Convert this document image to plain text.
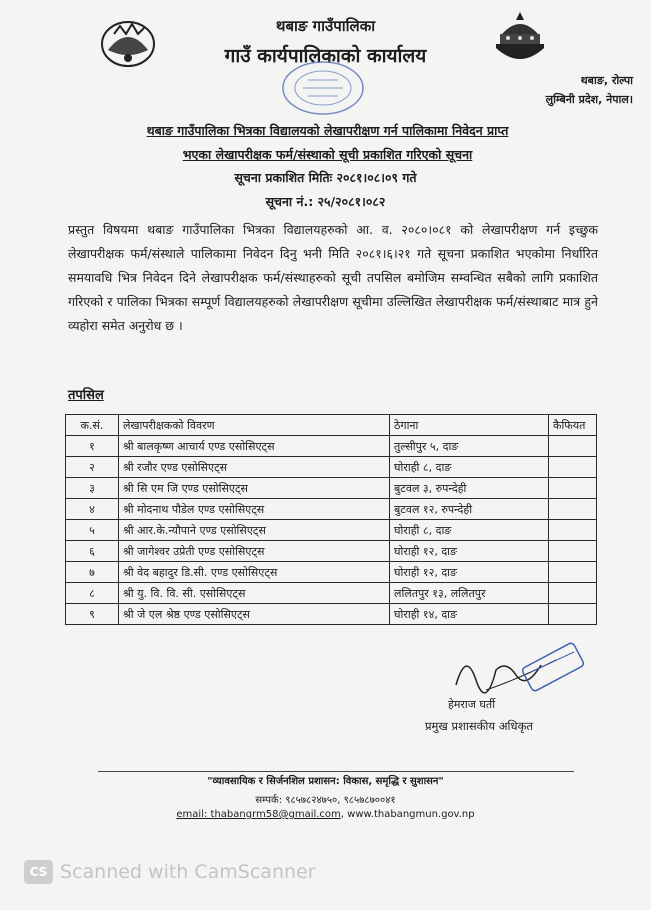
थबाङ गाउँपालिका
गाउँ कार्यपालिकाको कार्यालय
थबाङ, रोल्पा
लुम्बिनी प्रदेश, नेपाल।
थबाङ गाउँपालिका भित्रका विद्यालयको लेखापरीक्षण गर्न पालिकामा निवेदन प्राप्त
भएका लेखापरीक्षक फर्म/संस्थाको सूची प्रकाशित गरिएको सूचना
सूचना प्रकाशित मितिः २०८१।०८।०९ गते
सूचना नं.: २५/२०८१।०८२
प्रस्तुत विषयमा थबाङ गाउँपालिका भित्रका विद्यालयहरुको आ. व. २०८०।०८१ को लेखापरीक्षण गर्न इच्छुक लेखापरीक्षक फर्म/संस्थाले पालिकामा निवेदन दिनु भनी मिति २०८१।६।२१ गते सूचना प्रकाशित भएकोमा निर्धारित समयावधि भित्र निवेदन दिने लेखापरीक्षक फर्म/संस्थाहरुको सूची तपसिल बमोजिम सम्वन्धित सबैको लागि प्रकाशित गरिएको र पालिका भित्रका सम्पूर्ण विद्यालयहरुको लेखापरीक्षण सूचीमा उल्लिखित लेखापरीक्षक फर्म/संस्थाबाट मात्र हुने व्यहोरा समेत अनुरोध छ ।
तपसिल
क.सं.	लेखापरीक्षकको विवरण	ठेगाना	कैफियत
१	श्री बालकृष्ण आचार्य एण्ड एसोसिएट्स	तुल्सीपुर ५, दाङ	
२	श्री रजौर एण्ड एसोसिएट्स	घोराही ८, दाङ	
३	श्री सि एम जि एण्ड एसोसिएट्स	बुटवल ३, रुपन्देही	
४	श्री मोदनाथ पौडेल एण्ड एसोसिएट्स	बुटवल १२, रुपन्देही	
५	श्री आर.के.न्यौपाने एण्ड एसोसिएट्स	घोराही ८, दाङ	
६	श्री जागेश्वर उप्रेती एण्ड एसोसिएट्स	घोराही १२, दाङ	
७	श्री वेद बहादुर डि.सी. एण्ड एसोसिएट्स	घोराही १२, दाङ	
८	श्री यु. वि. वि. सी. एसोसिएट्स	ललितपुर १३, ललितपुर	
९	श्री जे एल श्रेष्ठ एण्ड एसोसिएट्स	घोराही १४, दाङ	
हेमराज घर्ती
प्रमुख प्रशासकीय अधिकृत
"व्यावसायिक र सिर्जनशिल प्रशासन: विकास, समृद्धि र सुशासन"
सम्पर्क: ९८५७८२४७५०, ९८५७८७००४१
email: thabangrm58@gmail.com, www.thabangmun.gov.np
CS Scanned with CamScanner
